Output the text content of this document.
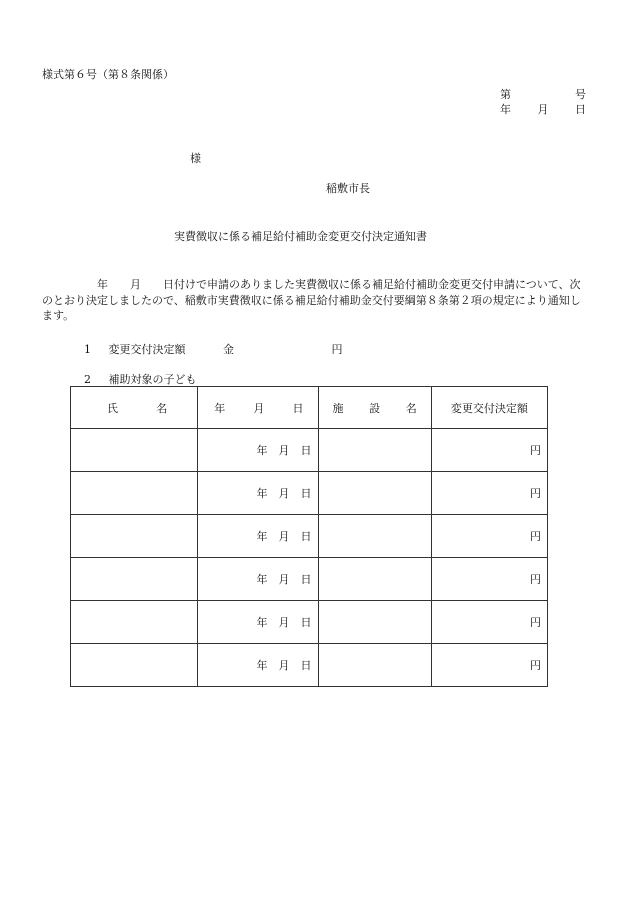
様式第６号（第８条関係）
第	号
年 月 日
様
稲敷市長
実費徴収に係る補足給付補助金変更交付決定通知書
　　　　　年　　月　　日付けで申請のありました実費徴収に係る補足給付補助金変更交付申請について、次のとおり決定しましたので、稲敷市実費徴収に係る補足給付補助金交付要綱第８条第２項の規定により通知します。
1 変更交付決定額	金	円
2 補助対象の子ども
氏 名	年 月 日	施 設 名	変更交付決定額
	年　月　日		円
	年　月　日		円
	年　月　日		円
	年　月　日		円
	年　月　日		円
	年　月　日		円
